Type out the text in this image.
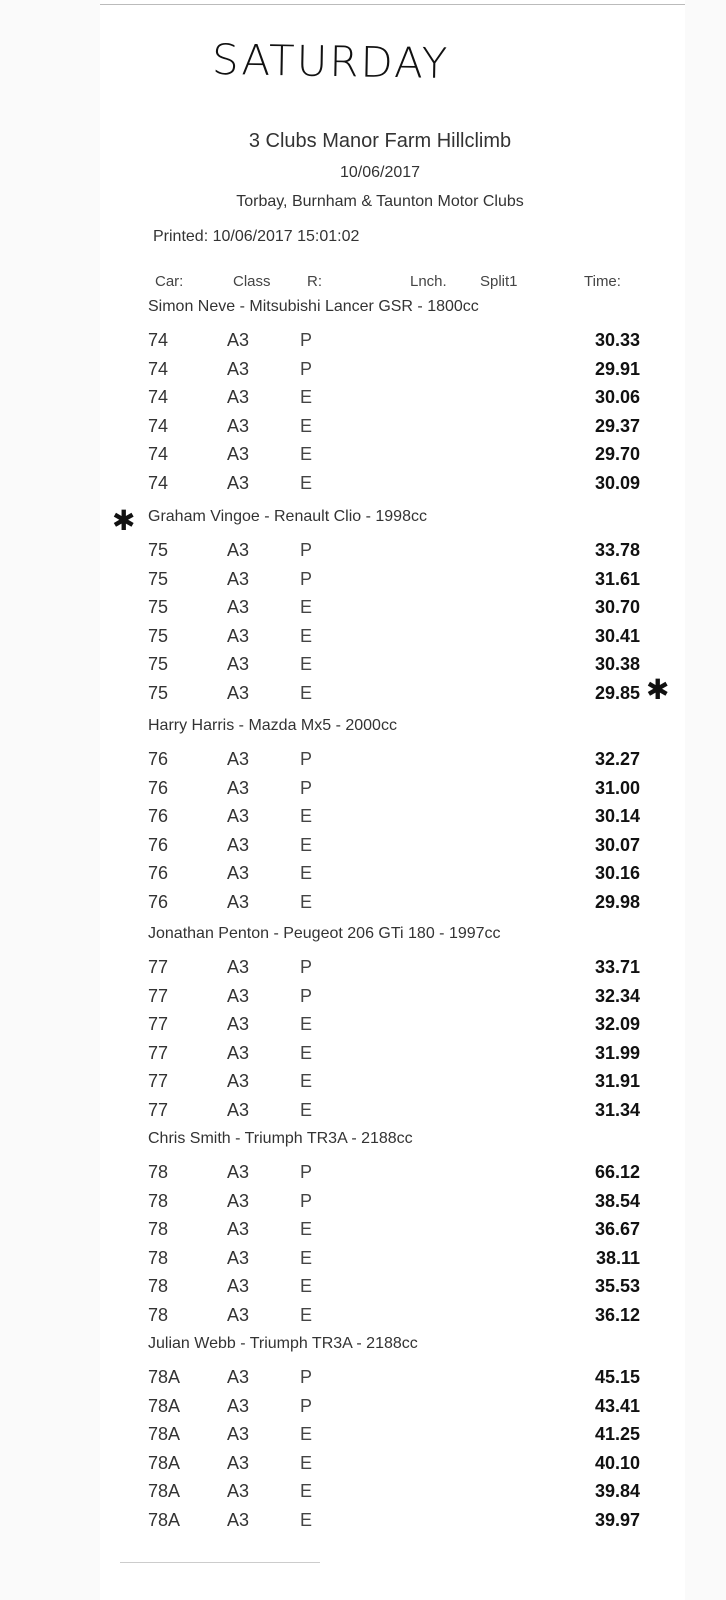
SATURDAY
3 Clubs Manor Farm Hillclimb
10/06/2017
Torbay, Burnham & Taunton Motor Clubs
Printed: 10/06/2017 15:01:02
Car:	Class R:	Lnch. Split1	Time:
Simon Neve - Mitsubishi Lancer GSR - 1800cc
74	A3	P	30.33
74	A3	P	29.91
74	A3	E	30.06
74	A3	E	29.37
74	A3	E	29.70
74	A3	E	30.09
Graham Vingoe - Renault Clio - 1998cc
75	A3	P	33.78
75	A3	P	31.61
75	A3	E	30.70
75	A3	E	30.41
75	A3	E	30.38
75	A3	E	29.85
Harry Harris - Mazda Mx5 - 2000cc
76	A3	P	32.27
76	A3	P	31.00
76	A3	E	30.14
76	A3	E	30.07
76	A3	E	30.16
76	A3	E	29.98
Jonathan Penton - Peugeot 206 GTi 180 - 1997cc
77	A3	P	33.71
77	A3	P	32.34
77	A3	E	32.09
77	A3	E	31.99
77	A3	E	31.91
77	A3	E	31.34
Chris Smith - Triumph TR3A - 2188cc
78	A3	P	66.12
78	A3	P	38.54
78	A3	E	36.67
78	A3	E	38.11
78	A3	E	35.53
78	A3	E	36.12
Julian Webb - Triumph TR3A - 2188cc
78A	A3	P	45.15
78A	A3	P	43.41
78A	A3	E	41.25
78A	A3	E	40.10
78A	A3	E	39.84
78A	A3	E	39.97
✱
✱
